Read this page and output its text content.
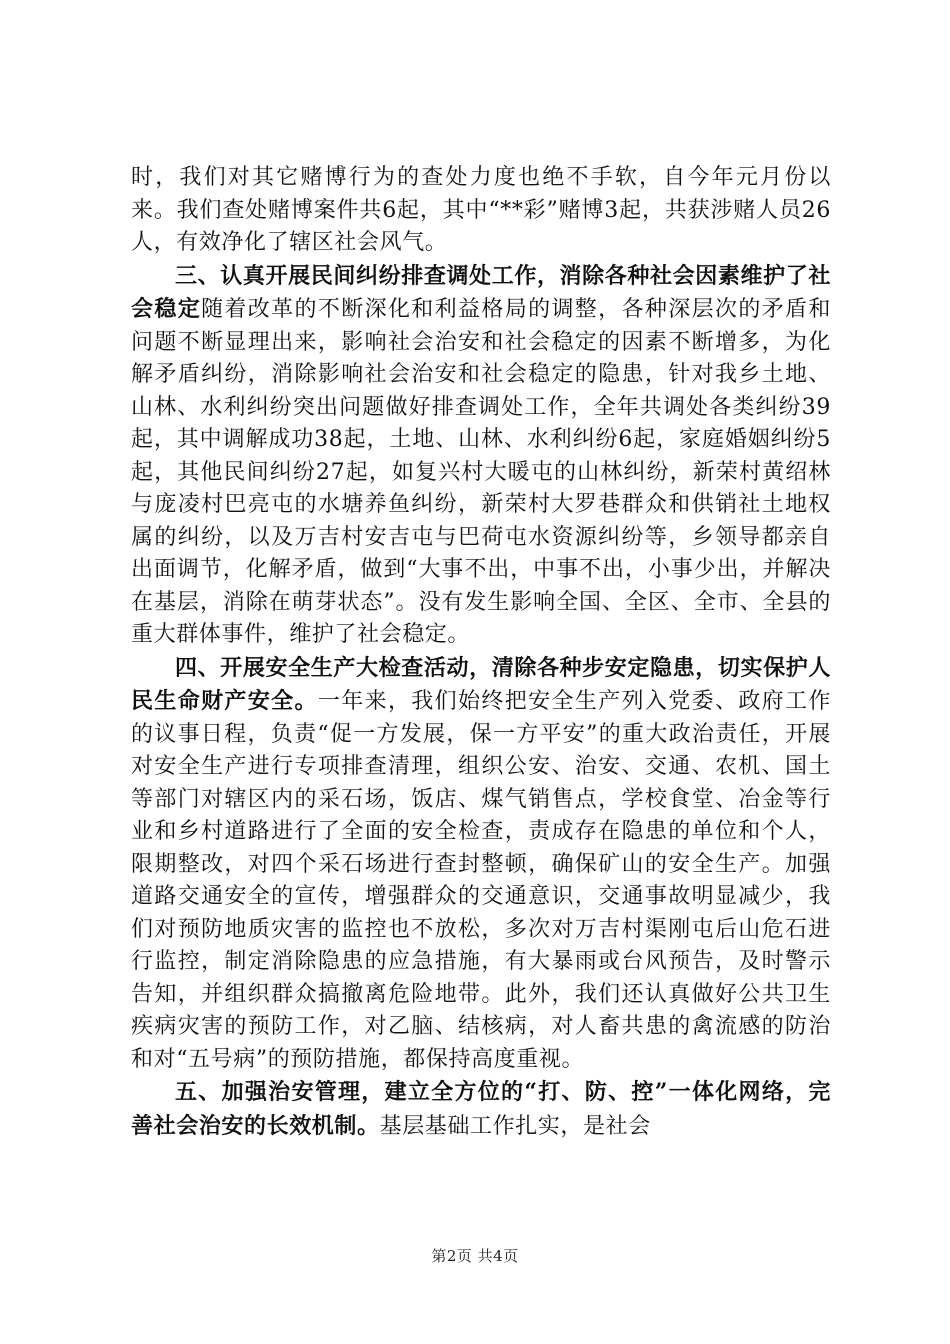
时，我们对其它赌博行为的查处力度也绝不手软，自今年元月份以来。我们查处赌博案件共6起，其中“**彩”赌博3起，共获涉赌人员26人，有效净化了辖区社会风气。

三、认真开展民间纠纷排查调处工作，消除各种社会因素维护了社会稳定随着改革的不断深化和利益格局的调整，各种深层次的矛盾和问题不断显理出来，影响社会治安和社会稳定的因素不断增多，为化解矛盾纠纷，消除影响社会治安和社会稳定的隐患，针对我乡土地、山林、水利纠纷突出问题做好排查调处工作，全年共调处各类纠纷39起，其中调解成功38起，土地、山林、水利纠纷6起，家庭婚姻纠纷5起，其他民间纠纷27起，如复兴村大暖屯的山林纠纷，新荣村黄绍林与庞凌村巴亮屯的水塘养鱼纠纷，新荣村大罗巷群众和供销社土地权属的纠纷，以及万吉村安吉屯与巴荷屯水资源纠纷等，乡领导都亲自出面调节，化解矛盾，做到“大事不出，中事不出，小事少出，并解决在基层，消除在萌芽状态”。没有发生影响全国、全区、全市、全县的重大群体事件，维护了社会稳定。

四、开展安全生产大检查活动，清除各种步安定隐患，切实保护人民生命财产安全。一年来，我们始终把安全生产列入党委、政府工作的议事日程，负责“促一方发展，保一方平安”的重大政治责任，开展对安全生产进行专项排查清理，组织公安、治安、交通、农机、国土等部门对辖区内的采石场，饭店、煤气销售点，学校食堂、冶金等行业和乡村道路进行了全面的安全检查，责成存在隐患的单位和个人，限期整改，对四个采石场进行查封整顿，确保矿山的安全生产。加强道路交通安全的宣传，增强群众的交通意识，交通事故明显减少，我们对预防地质灾害的监控也不放松，多次对万吉村渠刚屯后山危石进行监控，制定消除隐患的应急措施，有大暴雨或台风预告，及时警示告知，并组织群众搞撤离危险地带。此外，我们还认真做好公共卫生疾病灾害的预防工作，对乙脑、结核病，对人畜共患的禽流感的防治和对“五号病”的预防措施，都保持高度重视。

五、加强治安管理，建立全方位的“打、防、控”一体化网络，完善社会治安的长效机制。基层基础工作扎实，是社会

第2页 共4页
